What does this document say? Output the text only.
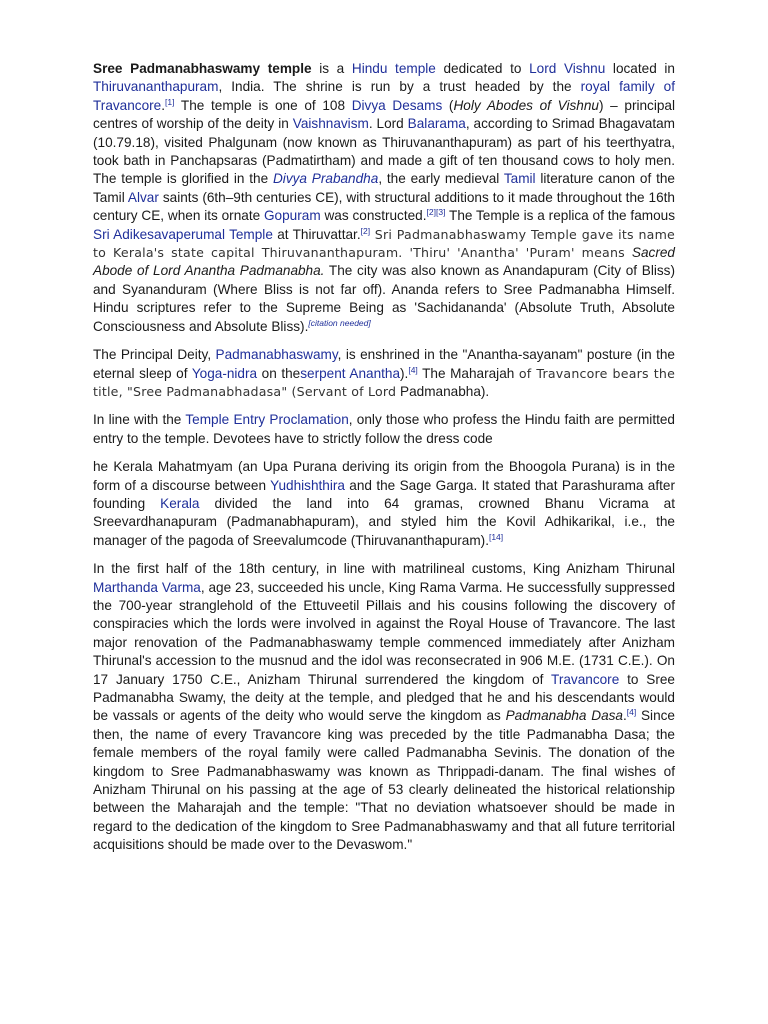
Sree Padmanabhaswamy temple is a Hindu temple dedicated to Lord Vishnu located in Thiruvananthapuram, India. The shrine is run by a trust headed by the royal family of Travancore.[1] The temple is one of 108 Divya Desams (Holy Abodes of Vishnu) – principal centres of worship of the deity in Vaishnavism. Lord Balarama, according to Srimad Bhagavatam (10.79.18), visited Phalgunam (now known as Thiruvananthapuram) as part of his teerthyatra, took bath in Panchapsaras (Padmatirtham) and made a gift of ten thousand cows to holy men. The temple is glorified in the Divya Prabandha, the early medieval Tamil literature canon of the Tamil Alvar saints (6th–9th centuries CE), with structural additions to it made throughout the 16th century CE, when its ornate Gopuram was constructed.[2][3] The Temple is a replica of the famous Sri Adikesavaperumal Temple at Thiruvattar.[2] Sri Padmanabhaswamy Temple gave its name to Kerala's state capital Thiruvananthapuram. 'Thiru' 'Anantha' 'Puram' means Sacred Abode of Lord Anantha Padmanabha. The city was also known as Anandapuram (City of Bliss) and Syananduram (Where Bliss is not far off). Ananda refers to Sree Padmanabha Himself. Hindu scriptures refer to the Supreme Being as 'Sachidananda' (Absolute Truth, Absolute Consciousness and Absolute Bliss).[citation needed]

The Principal Deity, Padmanabhaswamy, is enshrined in the "Anantha-sayanam" posture (in the eternal sleep of Yoga-nidra on theserpent Anantha).[4] The Maharajah of Travancore bears the title, "Sree Padmanabhadasa" (Servant of Lord Padmanabha).

In line with the Temple Entry Proclamation, only those who profess the Hindu faith are permitted entry to the temple. Devotees have to strictly follow the dress code

he Kerala Mahatmyam (an Upa Purana deriving its origin from the Bhoogola Purana) is in the form of a discourse between Yudhishthira and the Sage Garga. It stated that Parashurama after founding Kerala divided the land into 64 gramas, crowned Bhanu Vicrama at Sreevardhanapuram (Padmanabhapuram), and styled him the Kovil Adhikarikal, i.e., the manager of the pagoda of Sreevalumcode (Thiruvananthapuram).[14]

In the first half of the 18th century, in line with matrilineal customs, King Anizham Thirunal Marthanda Varma, age 23, succeeded his uncle, King Rama Varma. He successfully suppressed the 700-year stranglehold of the Ettuveetil Pillais and his cousins following the discovery of conspiracies which the lords were involved in against the Royal House of Travancore. The last major renovation of the Padmanabhaswamy temple commenced immediately after Anizham Thirunal's accession to the musnud and the idol was reconsecrated in 906 M.E. (1731 C.E.). On 17 January 1750 C.E., Anizham Thirunal surrendered the kingdom of Travancore to Sree Padmanabha Swamy, the deity at the temple, and pledged that he and his descendants would be vassals or agents of the deity who would serve the kingdom as Padmanabha Dasa.[4] Since then, the name of every Travancore king was preceded by the title Padmanabha Dasa; the female members of the royal family were called Padmanabha Sevinis. The donation of the kingdom to Sree Padmanabhaswamy was known as Thrippadi-danam. The final wishes of Anizham Thirunal on his passing at the age of 53 clearly delineated the historical relationship between the Maharajah and the temple: "That no deviation whatsoever should be made in regard to the dedication of the kingdom to Sree Padmanabhaswamy and that all future territorial acquisitions should be made over to the Devaswom."
